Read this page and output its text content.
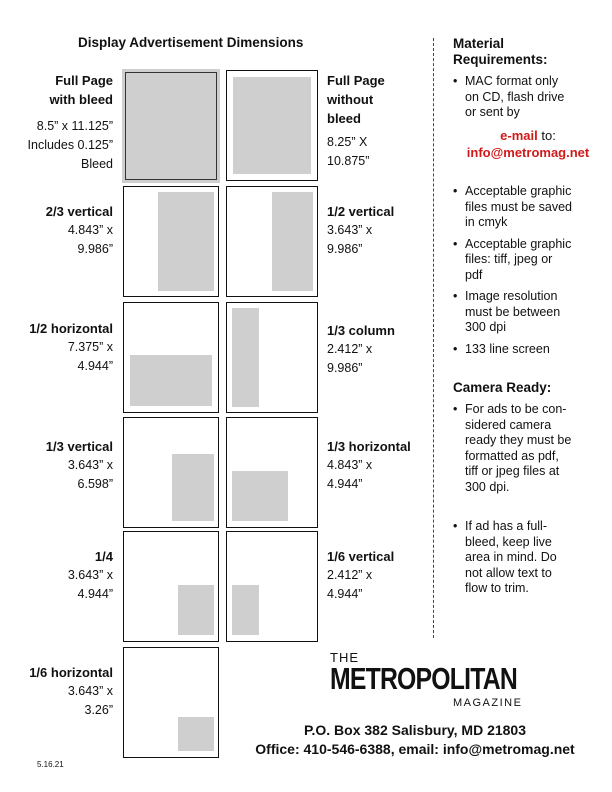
Display Advertisement Dimensions
Full Page
with bleed
8.5” x 11.125”
Includes 0.125”
Bleed
Full Page
without
bleed
8.25” X
10.875”
2/3 vertical
4.843” x
9.986”
1/2 vertical
3.643” x
9.986”
1/2 horizontal
7.375” x
4.944”
1/3 column
2.412” x
9.986”
1/3 vertical
3.643” x
6.598”
1/3 horizontal
4.843” x
4.944”
1/4
3.643” x
4.944”
1/6 vertical
2.412” x
4.944”
1/6 horizontal
3.643” x
3.26”
Material
Requirements:
• MAC format only
on CD, flash drive
or sent by
e-mail to:
info@metromag.net
• Acceptable graphic
files must be saved
in cmyk
• Acceptable graphic
files: tiff, jpeg or
pdf
• Image resolution
must be between
300 dpi
• 133 line screen
Camera Ready:
• For ads to be con-
sidered camera
ready they must be
formatted as pdf,
tiff or jpeg files at
300 dpi.
• If ad has a full-
bleed, keep live
area in mind. Do
not allow text to
flow to trim.
THE
METROPOLITAN
MAGAZINE
P.O. Box 382 Salisbury, MD 21803
Office: 410-546-6388, email: info@metromag.net
5.16.21
